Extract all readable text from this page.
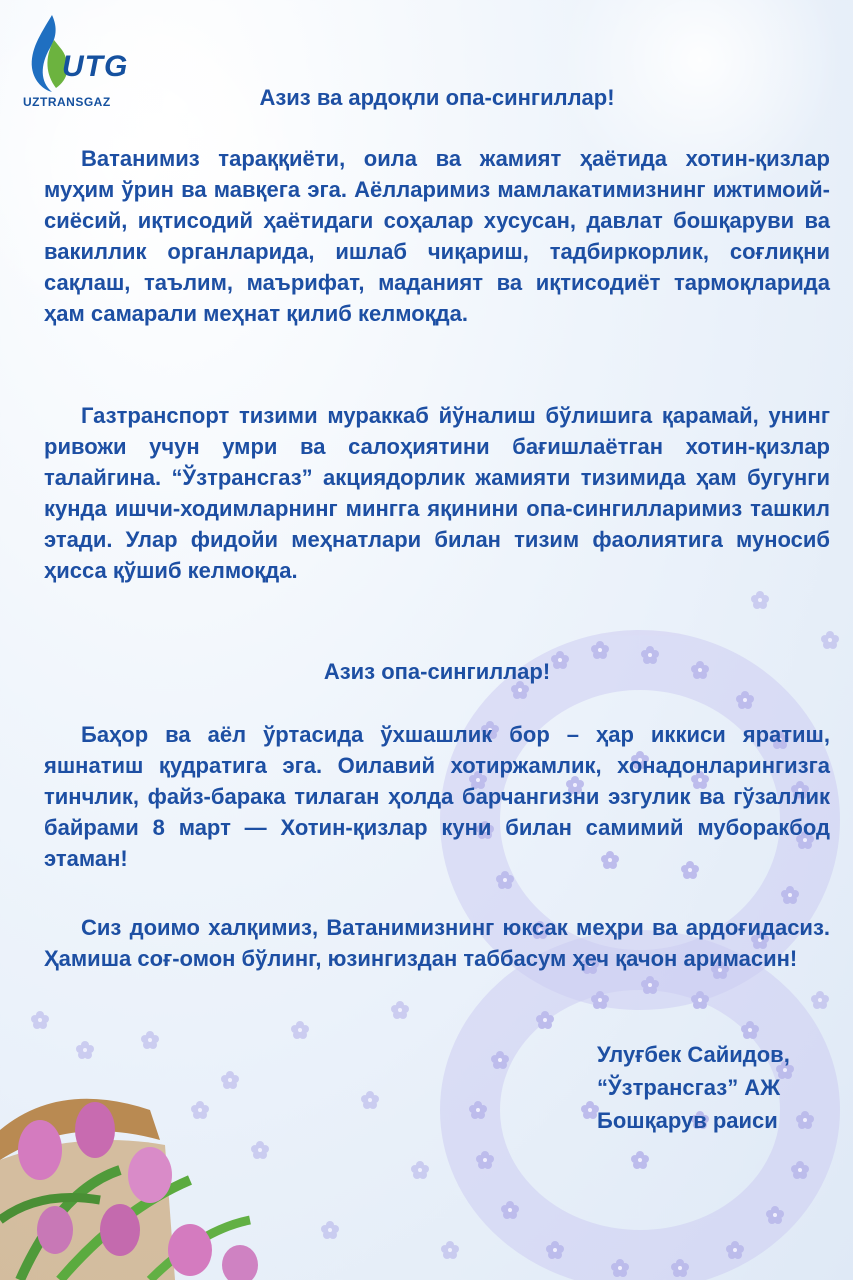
UTG
UZTRANSGAZ	Азиз ва ардоқли опа-сингиллар!

Ватанимиз тараққиёти, оила ва жамият ҳаётида хотин-қизлар муҳим ўрин ва мавқега эга. Аёлларимиз мамлакатимизнинг ижтимоий-сиёсий, иқтисодий ҳаётидаги соҳалар хусусан, давлат бошқаруви ва вакиллик органларида, ишлаб чиқариш, тадбиркорлик, соғлиқни сақлаш, таълим, маърифат, маданият ва иқтисодиёт тармоқларида ҳам самарали меҳнат қилиб келмоқда.

Газтранспорт тизими мураккаб йўналиш бўлишига қарамай, унинг ривожи учун умри ва салоҳиятини бағишлаётган хотин-қизлар талайгина. “Ўзтрансгаз” акциядорлик жамияти тизимида ҳам бугунги кунда ишчи-ходимларнинг мингга яқинини опа-сингилларимиз ташкил этади. Улар фидойи меҳнатлари билан тизим фаолиятига муносиб ҳисса қўшиб келмоқда.

Азиз опа-сингиллар!

Баҳор ва аёл ўртасида ўхшашлик бор – ҳар иккиси яратиш, яшнатиш қудратига эга. Оилавий хотиржамлик, хонадонларингизга тинчлик, файз-барака тилаган ҳолда барчангизни эзгулик ва гўзаллик байрами 8 март — Хотин-қизлар куни билан самимий муборакбод этаман!

Сиз доимо халқимиз, Ватанимизнинг юксак меҳри ва ардоғидасиз. Ҳамиша соғ-омон бўлинг, юзингиздан таббасум ҳеч қачон аримасин!

Улуғбек Сайидов,
“Ўзтрансгаз” АЖ
Бошқарув раиси
